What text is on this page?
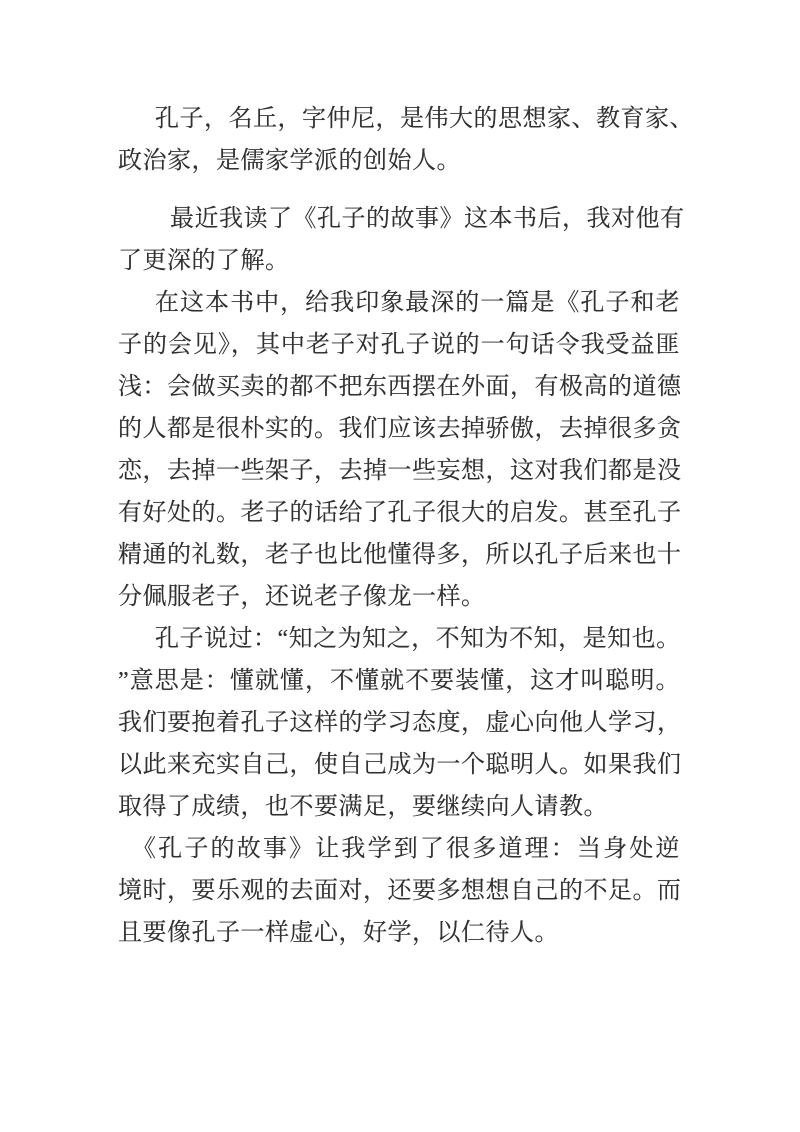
孔子，名丘，字仲尼，是伟大的思想家、教育家、
政治家，是儒家学派的创始人。
最近我读了《孔子的故事》这本书后，我对他有
了更深的了解。
在这本书中，给我印象最深的一篇是《孔子和老
子的会见》，其中老子对孔子说的一句话令我受益匪
浅：会做买卖的都不把东西摆在外面，有极高的道德
的人都是很朴实的。我们应该去掉骄傲，去掉很多贪
恋，去掉一些架子，去掉一些妄想，这对我们都是没
有好处的。老子的话给了孔子很大的启发。甚至孔子
精通的礼数，老子也比他懂得多，所以孔子后来也十
分佩服老子，还说老子像龙一样。
孔子说过：“知之为知之，不知为不知，是知也。
”意思是：懂就懂，不懂就不要装懂，这才叫聪明。
我们要抱着孔子这样的学习态度，虚心向他人学习，
以此来充实自己，使自己成为一个聪明人。如果我们
取得了成绩，也不要满足，要继续向人请教。
《孔子的故事》让我学到了很多道理：当身处逆
境时，要乐观的去面对，还要多想想自己的不足。而
且要像孔子一样虚心，好学，以仁待人。
